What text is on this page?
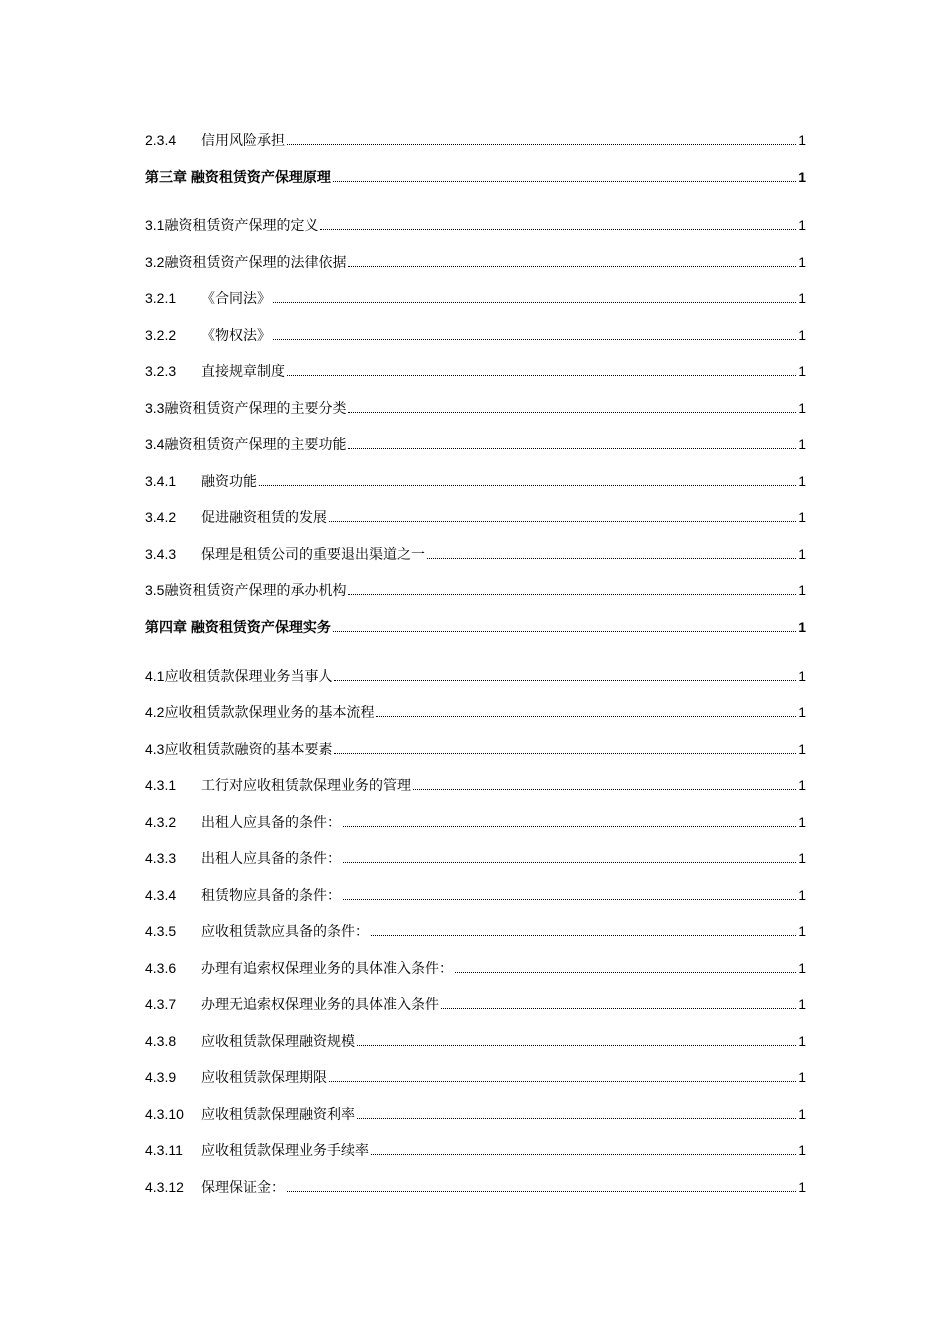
2.3.4	信用风险承担	1
第三章 融资租赁资产保理原理	1
3.1 融资租赁资产保理的定义	1
3.2 融资租赁资产保理的法律依据	1
3.2.1	《合同法》	1
3.2.2	《物权法》	1
3.2.3	直接规章制度	1
3.3 融资租赁资产保理的主要分类	1
3.4 融资租赁资产保理的主要功能	1
3.4.1	融资功能	1
3.4.2	促进融资租赁的发展	1
3.4.3	保理是租赁公司的重要退出渠道之一	1
3.5 融资租赁资产保理的承办机构	1
第四章 融资租赁资产保理实务	1
4.1 应收租赁款保理业务当事人	1
4.2 应收租赁款款保理业务的基本流程	1
4.3 应收租赁款融资的基本要素	1
4.3.1	工行对应收租赁款保理业务的管理	1
4.3.2	出租人应具备的条件：	1
4.3.3	出租人应具备的条件：	1
4.3.4	租赁物应具备的条件：	1
4.3.5	应收租赁款应具备的条件：	1
4.3.6	办理有追索权保理业务的具体准入条件：	1
4.3.7	办理无追索权保理业务的具体准入条件	1
4.3.8	应收租赁款保理融资规模	1
4.3.9	应收租赁款保理期限	1
4.3.10	应收租赁款保理融资利率	1
4.3.11	应收租赁款保理业务手续率	1
4.3.12	保理保证金：	1
